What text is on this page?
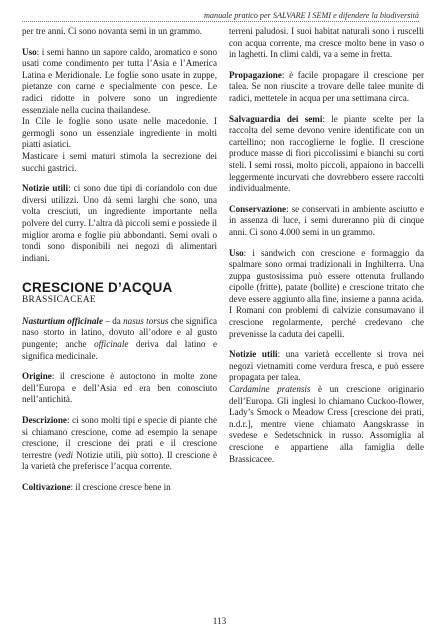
manuale pratico per SALVARE I SEMI e difendere la biodiversità

per tre anni. Ci sono novanta semi in un grammo.

Uso: i semi hanno un sapore caldo, aromatico e sono usati come condimento per tutta l’Asia e l’America Latina e Meridionale. Le foglie sono usate in zuppe, pietanze con carne e specialmente con pesce. Le radici ridotte in polvere sono un ingrediente essenziale nella cucina thailandese.

In Cile le foglie sono usate nelle macedonie. I germogli sono un essenziale ingrediente in molti piatti asiatici.

Masticare i semi maturi stimola la secrezione dei succhi gastrici.

Notizie utili: ci sono due tipi di coriandolo con due diversi utilizzi. Uno dà semi larghi che sono, una volta cresciuti, un ingrediente importante nella polvere del curry. L’altra dà piccoli semi e possiede il miglior aroma e foglie più abbondanti. Semi ovali o tondi sono disponibili nei negozi di alimentari indiani.

CRESCIONE D’ACQUA
BRASSICACEAE

Nasturtium officinale – da nasus torsus che significa naso storto in latino, dovuto all’odore e al gusto pungente; anche officinale deriva dal latino e significa medicinale.

Origine: il crescione è autoctono in molte zone dell’Europa e dell’Asia ed era ben conosciuto nell’antichità.

Descrizione: ci sono molti tipi e specie di piante che si chiamano crescione, come ad esempio la senape crescione, il crescione dei prati e il crescione terrestre (vedi Notizie utili, più sotto). Il crescione è la varietà che preferisce l’acqua corrente.

Coltivazione: il crescione cresce bene in

terreni paludosi. I suoi habitat naturali sono i ruscelli con acqua corrente, ma cresce molto bene in vaso o in laghetti. In climi caldi, va a seme in fretta.

Propagazione: è facile propagare il crescione per talea. Se non riuscite a trovare delle talee munite di radici, mettetele in acqua per una settimana circa.

Salvaguardia dei semi: le piante scelte per la raccolta del seme devono venire identificate con un cartellino; non raccoglierne le foglie. Il crescione produce masse di fiori piccolissimi e bianchi su corti steli. I semi rossi, molto piccoli, appaiono in baccelli leggermente incurvati che dovrebbero essere raccolti individualmente.

Conservazione: se conservati in ambiente asciutto e in assenza di luce, i semi dureranno più di cinque anni. Ci sono 4.000 semi in un grammo.

Uso: i sandwich con crescione e formaggio da spalmare sono ormai tradizionali in Inghilterra. Una zuppa gustosissima può essere ottenuta frullando cipolle (fritte), patate (bollite) e crescione tritato che deve essere aggiunto alla fine, insieme a panna acida.

I Romani con problemi di calvizie consumavano il crescione regolarmente, perché credevano che prevenisse la caduta dei capelli.

Notizie utili: una varietà eccellente si trova nei negozi vietnamiti come verdura fresca, e può essere propagata per talea.

Cardamine pratensis è un crescione originario dell’Europa. Gli inglesi lo chiamano Cuckoo-flower, Lady’s Smock o Meadow Cress [crescione dei prati, n.d.r.], mentre viene chiamato Aangskrasse in svedese e Sedetschnick in russo. Assomiglia al crescione e appartiene alla famiglia delle Brassicacee.

113
